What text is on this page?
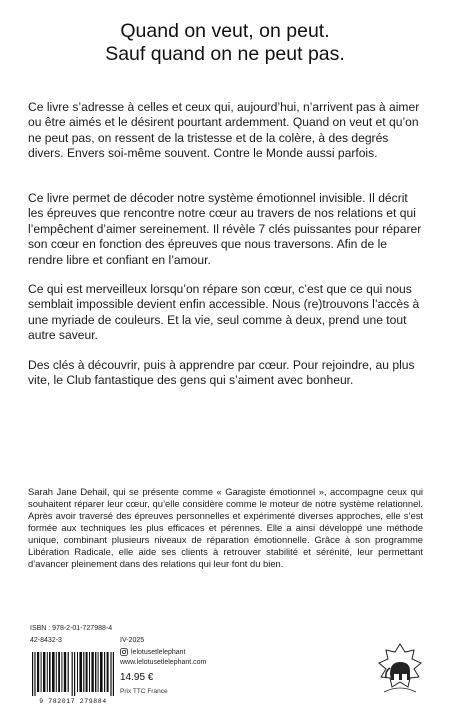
Quand on veut, on peut.
Sauf quand on ne peut pas.

Ce livre s’adresse à celles et ceux qui, aujourd’hui, n’arrivent pas à aimer ou être aimés et le désirent pourtant ardemment. Quand on veut et qu’on ne peut pas, on ressent de la tristesse et de la colère, à des degrés divers. Envers soi-même souvent. Contre le Monde aussi parfois.

Ce livre permet de décoder notre système émotionnel invisible. Il décrit les épreuves que rencontre notre cœur au travers de nos relations et qui l’empêchent d’aimer sereinement. Il révèle 7 clés puissantes pour réparer son cœur en fonction des épreuves que nous traversons. Afin de le rendre libre et confiant en l’amour.

Ce qui est merveilleux lorsqu’on répare son cœur, c’est que ce qui nous semblait impossible devient enfin accessible. Nous (re)trouvons l’accès à une myriade de couleurs. Et la vie, seul comme à deux, prend une tout autre saveur.

Des clés à découvrir, puis à apprendre par cœur. Pour rejoindre, au plus vite, le Club fantastique des gens qui s’aiment avec bonheur.

Sarah Jane Dehail, qui se présente comme « Garagiste émotionnel », accompagne ceux qui souhaitent réparer leur cœur, qu’elle considère comme le moteur de notre système relationnel. Après avoir traversé des épreuves personnelles et expérimenté diverses approches, elle s’est formée aux techniques les plus efficaces et pérennes. Elle a ainsi développé une méthode unique, combinant plusieurs niveaux de réparation émotionnelle. Grâce à son programme Libération Radicale, elle aide ses clients à retrouver stabilité et sérénité, leur permettant d’avancer pleinement dans des relations qui leur font du bien.

ISBN : 978-2-01-727988-4
42-8432-3	IV-2025
lelotusetlelephant
www.lelotusetlelephant.com
9 782017 279884
14.95 €
Prix TTC France
